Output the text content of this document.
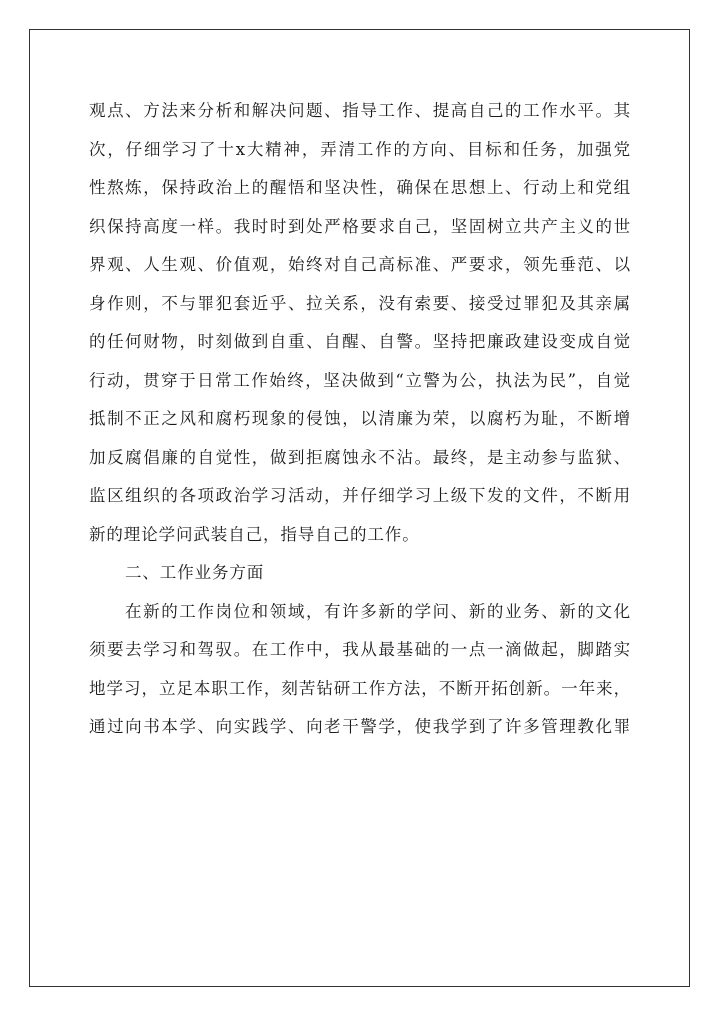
观点、方法来分析和解决问题、指导工作、提高自己的工作水平。其
次，仔细学习了十x大精神，弄清工作的方向、目标和任务，加强党
性熬炼，保持政治上的醒悟和坚决性，确保在思想上、行动上和党组
织保持高度一样。我时时到处严格要求自己，坚固树立共产主义的世
界观、人生观、价值观，始终对自己高标准、严要求，领先垂范、以
身作则，不与罪犯套近乎、拉关系，没有索要、接受过罪犯及其亲属
的任何财物，时刻做到自重、自醒、自警。坚持把廉政建设变成自觉
行动，贯穿于日常工作始终，坚决做到“立警为公，执法为民”，自觉
抵制不正之风和腐朽现象的侵蚀，以清廉为荣，以腐朽为耻，不断增
加反腐倡廉的自觉性，做到拒腐蚀永不沾。最终，是主动参与监狱、
监区组织的各项政治学习活动，并仔细学习上级下发的文件，不断用
新的理论学问武装自己，指导自己的工作。
二、工作业务方面
在新的工作岗位和领域，有许多新的学问、新的业务、新的文化
须要去学习和驾驭。在工作中，我从最基础的一点一滴做起，脚踏实
地学习，立足本职工作，刻苦钻研工作方法，不断开拓创新。一年来，
通过向书本学、向实践学、向老干警学，使我学到了许多管理教化罪
